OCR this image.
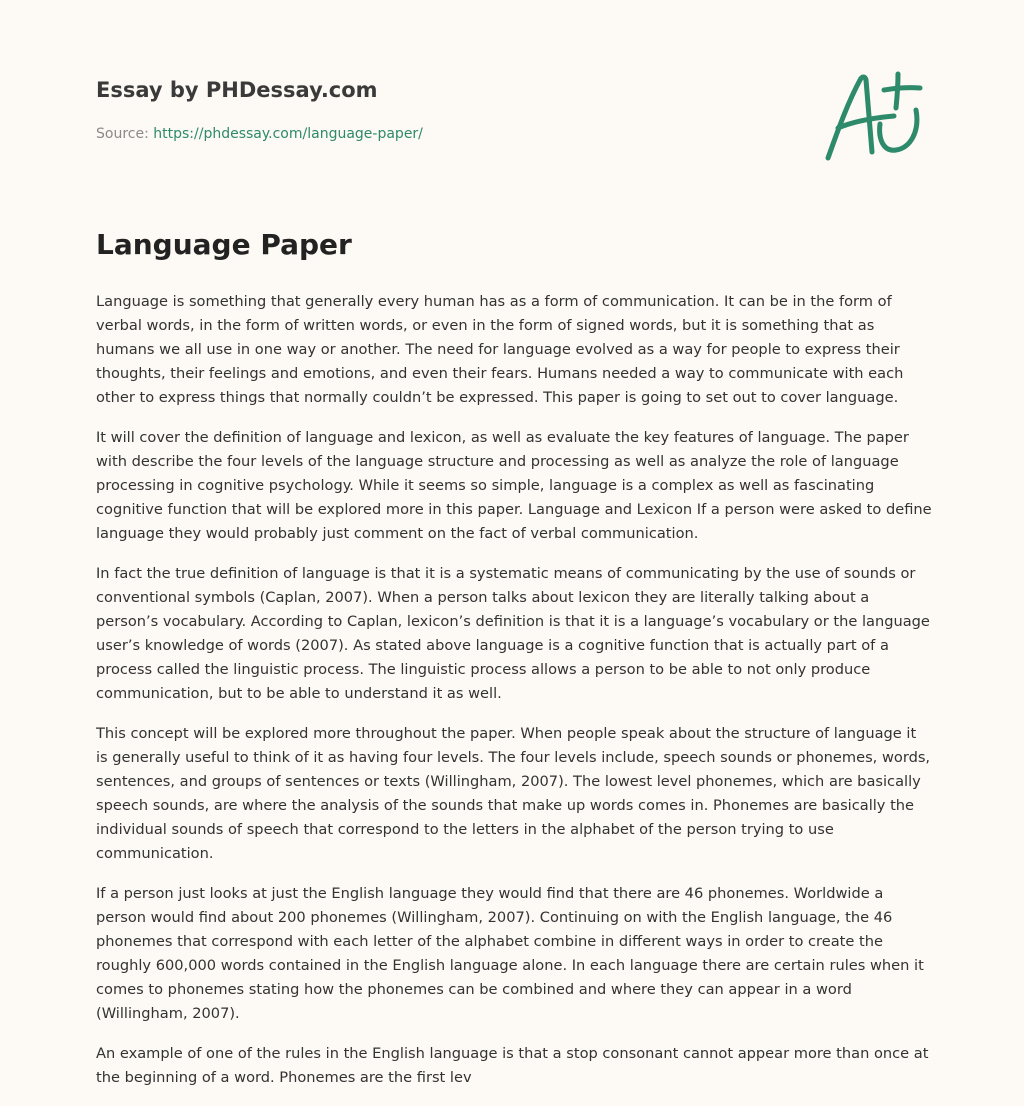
Essay by PHDessay.com
Source: https://phdessay.com/language-paper/
Language Paper

Language is something that generally every human has as a form of communication. It can be in the form of verbal words, in the form of written words, or even in the form of signed words, but it is something that as humans we all use in one way or another. The need for language evolved as a way for people to express their thoughts, their feelings and emotions, and even their fears. Humans needed a way to communicate with each other to express things that normally couldn’t be expressed. This paper is going to set out to cover language.

It will cover the definition of language and lexicon, as well as evaluate the key features of language. The paper with describe the four levels of the language structure and processing as well as analyze the role of language processing in cognitive psychology. While it seems so simple, language is a complex as well as fascinating cognitive function that will be explored more in this paper. Language and Lexicon If a person were asked to define language they would probably just comment on the fact of verbal communication.

In fact the true definition of language is that it is a systematic means of communicating by the use of sounds or conventional symbols (Caplan, 2007). When a person talks about lexicon they are literally talking about a person’s vocabulary. According to Caplan, lexicon’s definition is that it is a language’s vocabulary or the language user’s knowledge of words (2007). As stated above language is a cognitive function that is actually part of a process called the linguistic process. The linguistic process allows a person to be able to not only produce communication, but to be able to understand it as well.

This concept will be explored more throughout the paper. When people speak about the structure of language it is generally useful to think of it as having four levels. The four levels include, speech sounds or phonemes, words, sentences, and groups of sentences or texts (Willingham, 2007). The lowest level phonemes, which are basically speech sounds, are where the analysis of the sounds that make up words comes in. Phonemes are basically the individual sounds of speech that correspond to the letters in the alphabet of the person trying to use communication.

If a person just looks at just the English language they would find that there are 46 phonemes. Worldwide a person would find about 200 phonemes (Willingham, 2007). Continuing on with the English language, the 46 phonemes that correspond with each letter of the alphabet combine in different ways in order to create the roughly 600,000 words contained in the English language alone. In each language there are certain rules when it comes to phonemes stating how the phonemes can be combined and where they can appear in a word (Willingham, 2007).

An example of one of the rules in the English language is that a stop consonant cannot appear more than once at the beginning of a word. Phonemes are the first lev
